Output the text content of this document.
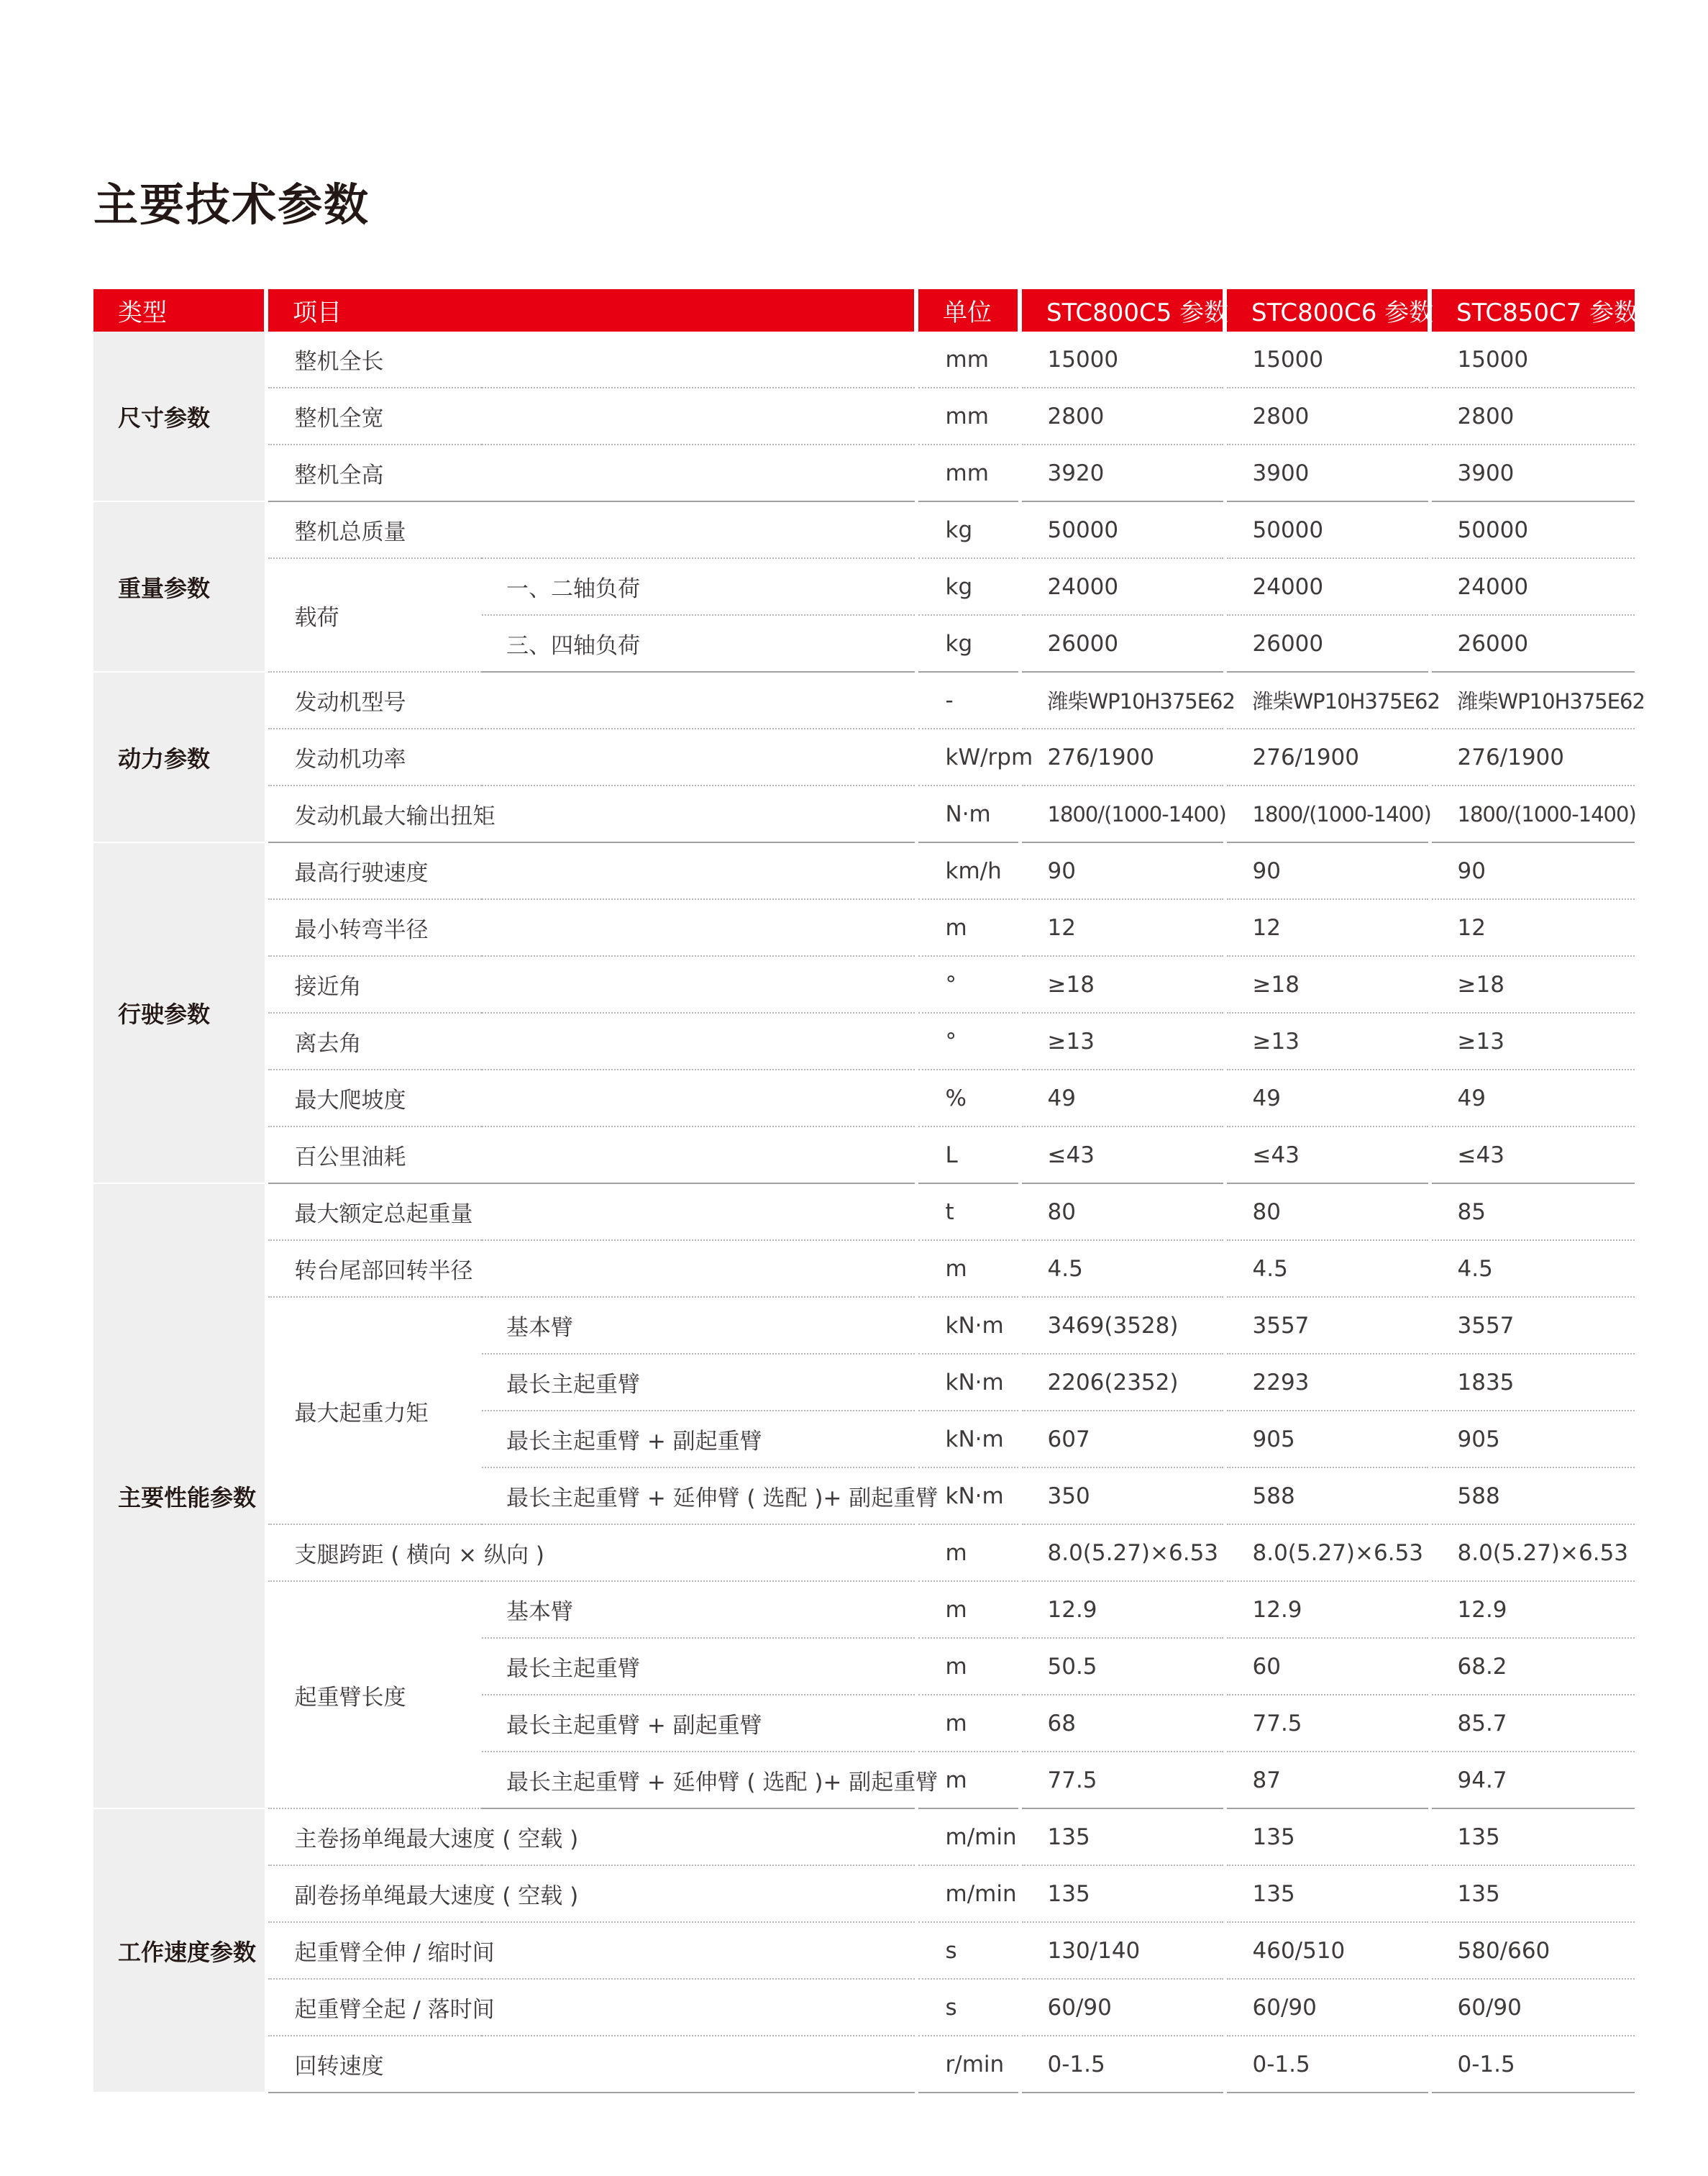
主要技术参数
类型	项目		单位	STC800C5 参数	STC800C6 参数	STC850C7 参数
尺寸参数	整机全长		mm	15000	15000	15000
	整机全宽		mm	2800	2800	2800
	整机全高		mm	3920	3900	3900
重量参数	整机总质量		kg	50000	50000	50000
	载荷	一、二轴负荷	kg	24000	24000	24000
		三、四轴负荷	kg	26000	26000	26000
动力参数	发动机型号		-	潍柴WP10H375E62	潍柴WP10H375E62	潍柴WP10H375E62
	发动机功率		kW/rpm	276/1900	276/1900	276/1900
	发动机最大输出扭矩		N·m	1800/(1000-1400)	1800/(1000-1400)	1800/(1000-1400)
行驶参数	最高行驶速度		km/h	90	90	90
	最小转弯半径		m	12	12	12
	接近角		°	≥18	≥18	≥18
	离去角		°	≥13	≥13	≥13
	最大爬坡度		%	49	49	49
	百公里油耗		L	≤43	≤43	≤43
主要性能参数	最大额定总起重量		t	80	80	85
	转台尾部回转半径		m	4.5	4.5	4.5
	最大起重力矩	基本臂	kN·m	3469(3528)	3557	3557
		最长主起重臂	kN·m	2206(2352)	2293	1835
		最长主起重臂 + 副起重臂	kN·m	607	905	905
		最长主起重臂 + 延伸臂 ( 选配 )+ 副起重臂	kN·m	350	588	588
	支腿跨距 ( 横向 × 纵向 )		m	8.0(5.27)×6.53	8.0(5.27)×6.53	8.0(5.27)×6.53
	起重臂长度	基本臂	m	12.9	12.9	12.9
		最长主起重臂	m	50.5	60	68.2
		最长主起重臂 + 副起重臂	m	68	77.5	85.7
		最长主起重臂 + 延伸臂 ( 选配 )+ 副起重臂	m	77.5	87	94.7
工作速度参数	主卷扬单绳最大速度 ( 空载 )		m/min	135	135	135
	副卷扬单绳最大速度 ( 空载 )		m/min	135	135	135
	起重臂全伸 / 缩时间		s	130/140	460/510	580/660
	起重臂全起 / 落时间		s	60/90	60/90	60/90
	回转速度		r/min	0-1.5	0-1.5	0-1.5
